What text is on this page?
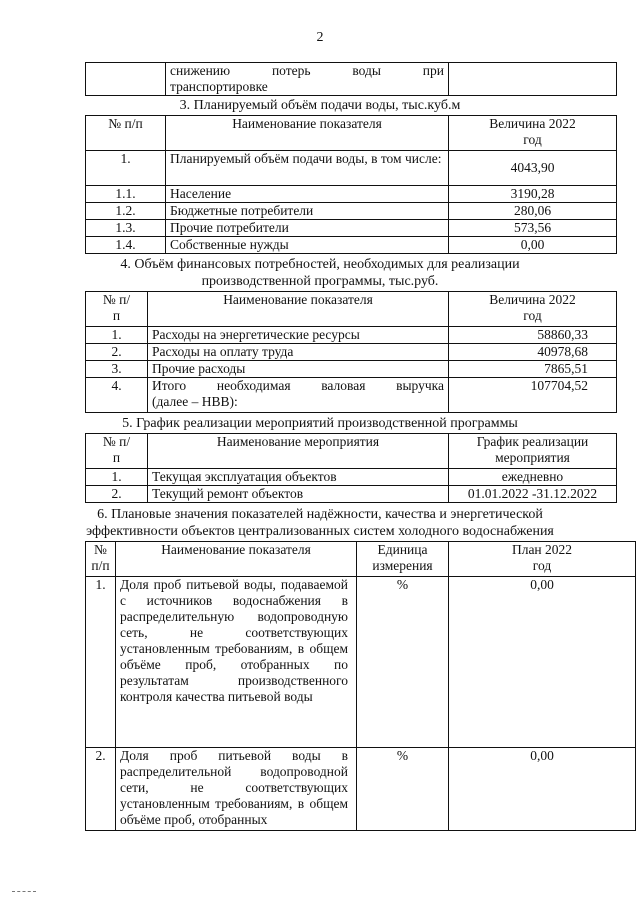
2

снижению потерь воды при
транспортировке

3. Планируемый объём подачи воды, тыс.куб.м
№ п/п	Наименование показателя	Величина 2022 год
1.	Планируемый объём подачи воды, в том числе:	4043,90
1.1.	Население	3190,28
1.2.	Бюджетные потребители	280,06
1.3.	Прочие потребители	573,56
1.4.	Собственные нужды	0,00
4. Объём финансовых потребностей, необходимых для реализации
производственной программы, тыс.руб.
№ п/п	Наименование показателя	Величина 2022 год
1.	Расходы на энергетические ресурсы	58860,33
2.	Расходы на оплату труда	40978,68
3.	Прочие расходы	7865,51
4.	Итого необходимая валовая выручка
(далее – НВВ):	107704,52
5. График реализации мероприятий производственной программы
№ п/п	Наименование мероприятия	График реализации мероприятия
1.	Текущая эксплуатация объектов	ежедневно
2.	Текущий ремонт объектов	01.01.2022 -31.12.2022
6. Плановые значения показателей надёжности, качества и энергетической
эффективности объектов централизованных систем холодного водоснабжения
№ п/п	Наименование показателя	Единица измерения	План 2022 год
1.	Доля проб питьевой воды, подаваемой с источников водоснабжения в распределительную водопроводную сеть, не соответствующих установленным требованиям, в общем объёме проб, отобранных по результатам производственного контроля качества питьевой воды	%	0,00
2.	Доля проб питьевой воды в распределительной водопроводной сети, не соответствующих установленным требованиям, в общем объёме проб, отобранных	%	0,00
